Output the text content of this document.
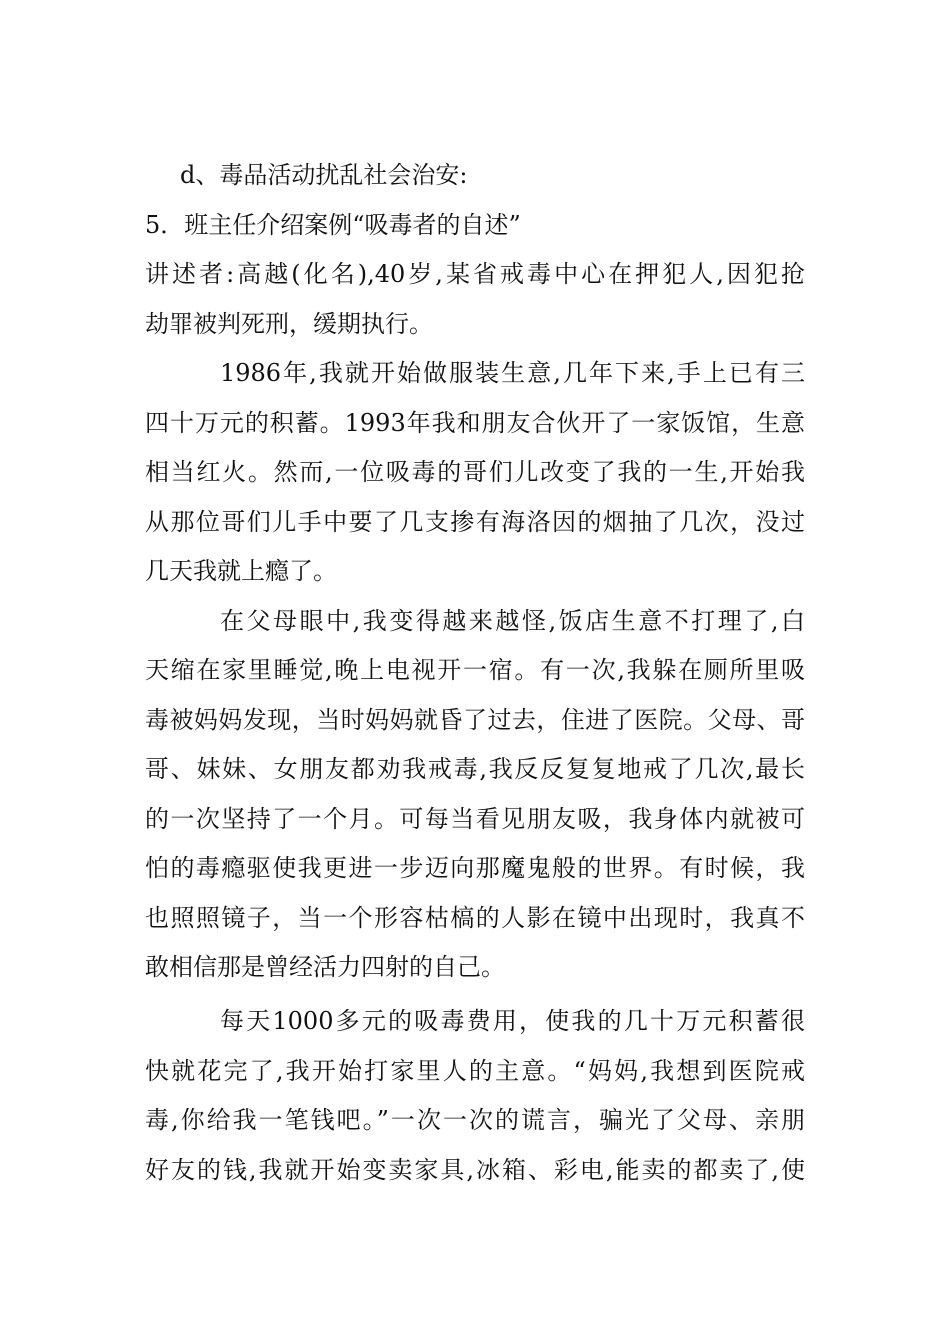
d、毒品活动扰乱社会治安:
5．班主任介绍案例“吸毒者的自述”
讲述者:高越(化名),40岁,某省戒毒中心在押犯人,因犯抢
劫罪被判死刑，缓期执行。
1986年,我就开始做服装生意,几年下来,手上已有三
四十万元的积蓄。1993年我和朋友合伙开了一家饭馆，生意
相当红火。然而,一位吸毒的哥们儿改变了我的一生,开始我
从那位哥们儿手中要了几支掺有海洛因的烟抽了几次，没过
几天我就上瘾了。
在父母眼中,我变得越来越怪,饭店生意不打理了,白
天缩在家里睡觉,晚上电视开一宿。有一次,我躲在厕所里吸
毒被妈妈发现，当时妈妈就昏了过去，住进了医院。父母、哥
哥、妹妹、女朋友都劝我戒毒,我反反复复地戒了几次,最长
的一次坚持了一个月。可每当看见朋友吸，我身体内就被可
怕的毒瘾驱使我更进一步迈向那魔鬼般的世界。有时候，我
也照照镜子，当一个形容枯槁的人影在镜中出现时，我真不
敢相信那是曾经活力四射的自己。
每天1000多元的吸毒费用，使我的几十万元积蓄很
快就花完了,我开始打家里人的主意。“妈妈,我想到医院戒
毒,你给我一笔钱吧。”一次一次的谎言，骗光了父母、亲朋
好友的钱,我就开始变卖家具,冰箱、彩电,能卖的都卖了,使
